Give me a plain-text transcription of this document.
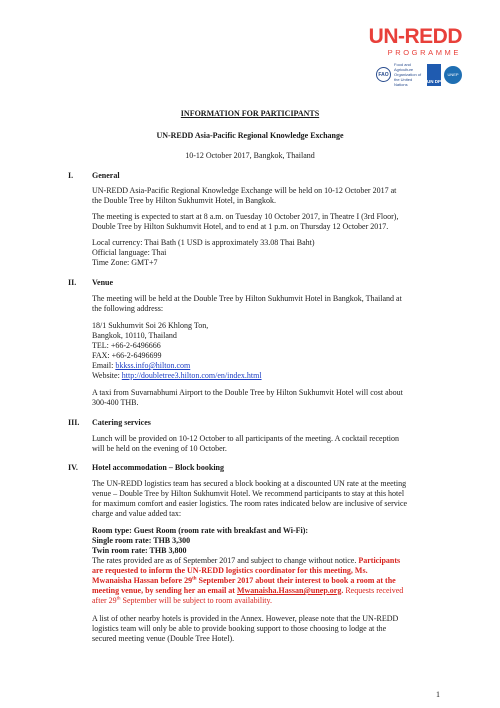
UN-REDD
PROGRAMME
FAO
Food and Agriculture Organization of the United Nations
UN DP
UNEP
INFORMATION FOR PARTICIPANTS
UN-REDD Asia-Pacific Regional Knowledge Exchange
10-12 October 2017, Bangkok, Thailand
I. General
UN-REDD Asia-Pacific Regional Knowledge Exchange will be held on 10-12 October 2017 at
the Double Tree by Hilton Sukhumvit Hotel, in Bangkok.
The meeting is expected to start at 8 a.m. on Tuesday 10 October 2017, in Theatre I (3rd Floor),
Double Tree by Hilton Sukhumvit Hotel, and to end at 1 p.m. on Thursday 12 October 2017.
Local currency: Thai Bath (1 USD is approximately 33.08 Thai Baht)
Official language: Thai
Time Zone: GMT+7
II. Venue
The meeting will be held at the Double Tree by Hilton Sukhumvit Hotel in Bangkok, Thailand at
the following address:
18/1 Sukhumvit Soi 26 Khlong Ton,
Bangkok, 10110, Thailand
TEL: +66-2-6496666
FAX: +66-2-6496699
Email: bkkss.info@hilton.com
Website: http://doubletree3.hilton.com/en/index.html
A taxi from Suvarnabhumi Airport to the Double Tree by Hilton Sukhumvit Hotel will cost about
300-400 THB.
III. Catering services
Lunch will be provided on 10-12 October to all participants of the meeting. A cocktail reception
will be held on the evening of 10 October.
IV. Hotel accommodation – Block booking
The UN-REDD logistics team has secured a block booking at a discounted UN rate at the meeting
venue – Double Tree by Hilton Sukhumvit Hotel. We recommend participants to stay at this hotel
for maximum comfort and easier logistics. The room rates indicated below are inclusive of service
charge and value added tax:
Room type: Guest Room (room rate with breakfast and Wi-Fi):
Single room rate: THB 3,300
Twin room rate: THB 3,800
The rates provided are as of September 2017 and subject to change without notice. Participants
are requested to inform the UN-REDD logistics coordinator for this meeting, Ms.
Mwanaisha Hassan before 29th September 2017 about their interest to book a room at the
meeting venue, by sending her an email at Mwanaisha.Hassan@unep.org. Requests received
after 29th September will be subject to room availability.
A list of other nearby hotels is provided in the Annex. However, please note that the UN-REDD
logistics team will only be able to provide booking support to those choosing to lodge at the
secured meeting venue (Double Tree Hotel).
1
